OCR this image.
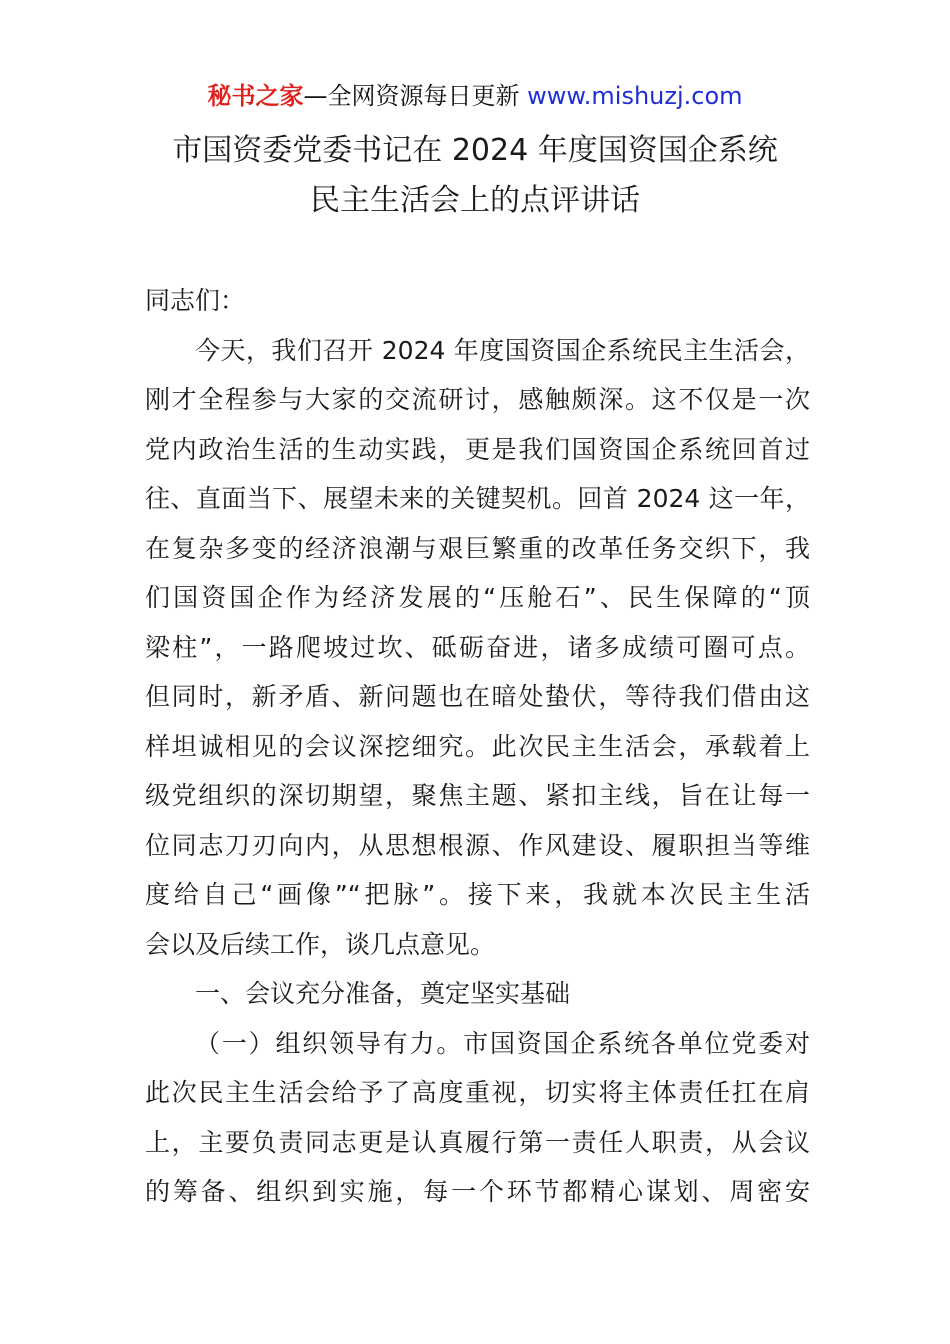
秘书之家—全网资源每日更新 www.mishuzj.com
市国资委党委书记在 2024 年度国资国企系统
民主生活会上的点评讲话
同志们：
今天，我们召开 2024 年度国资国企系统民主生活会，
刚才全程参与大家的交流研讨，感触颇深。这不仅是一次
党内政治生活的生动实践，更是我们国资国企系统回首过
往、直面当下、展望未来的关键契机。回首 2024 这一年，
在复杂多变的经济浪潮与艰巨繁重的改革任务交织下，我
们国资国企作为经济发展的“压舱石”、民生保障的“顶
梁柱”，一路爬坡过坎、砥砺奋进，诸多成绩可圈可点。
但同时，新矛盾、新问题也在暗处蛰伏，等待我们借由这
样坦诚相见的会议深挖细究。此次民主生活会，承载着上
级党组织的深切期望，聚焦主题、紧扣主线，旨在让每一
位同志刀刃向内，从思想根源、作风建设、履职担当等维
度给自己“画像”“把脉”。接下来，我就本次民主生活
会以及后续工作，谈几点意见。
一、会议充分准备，奠定坚实基础
（一）组织领导有力。市国资国企系统各单位党委对
此次民主生活会给予了高度重视，切实将主体责任扛在肩
上，主要负责同志更是认真履行第一责任人职责，从会议
的筹备、组织到实施，每一个环节都精心谋划、周密安
